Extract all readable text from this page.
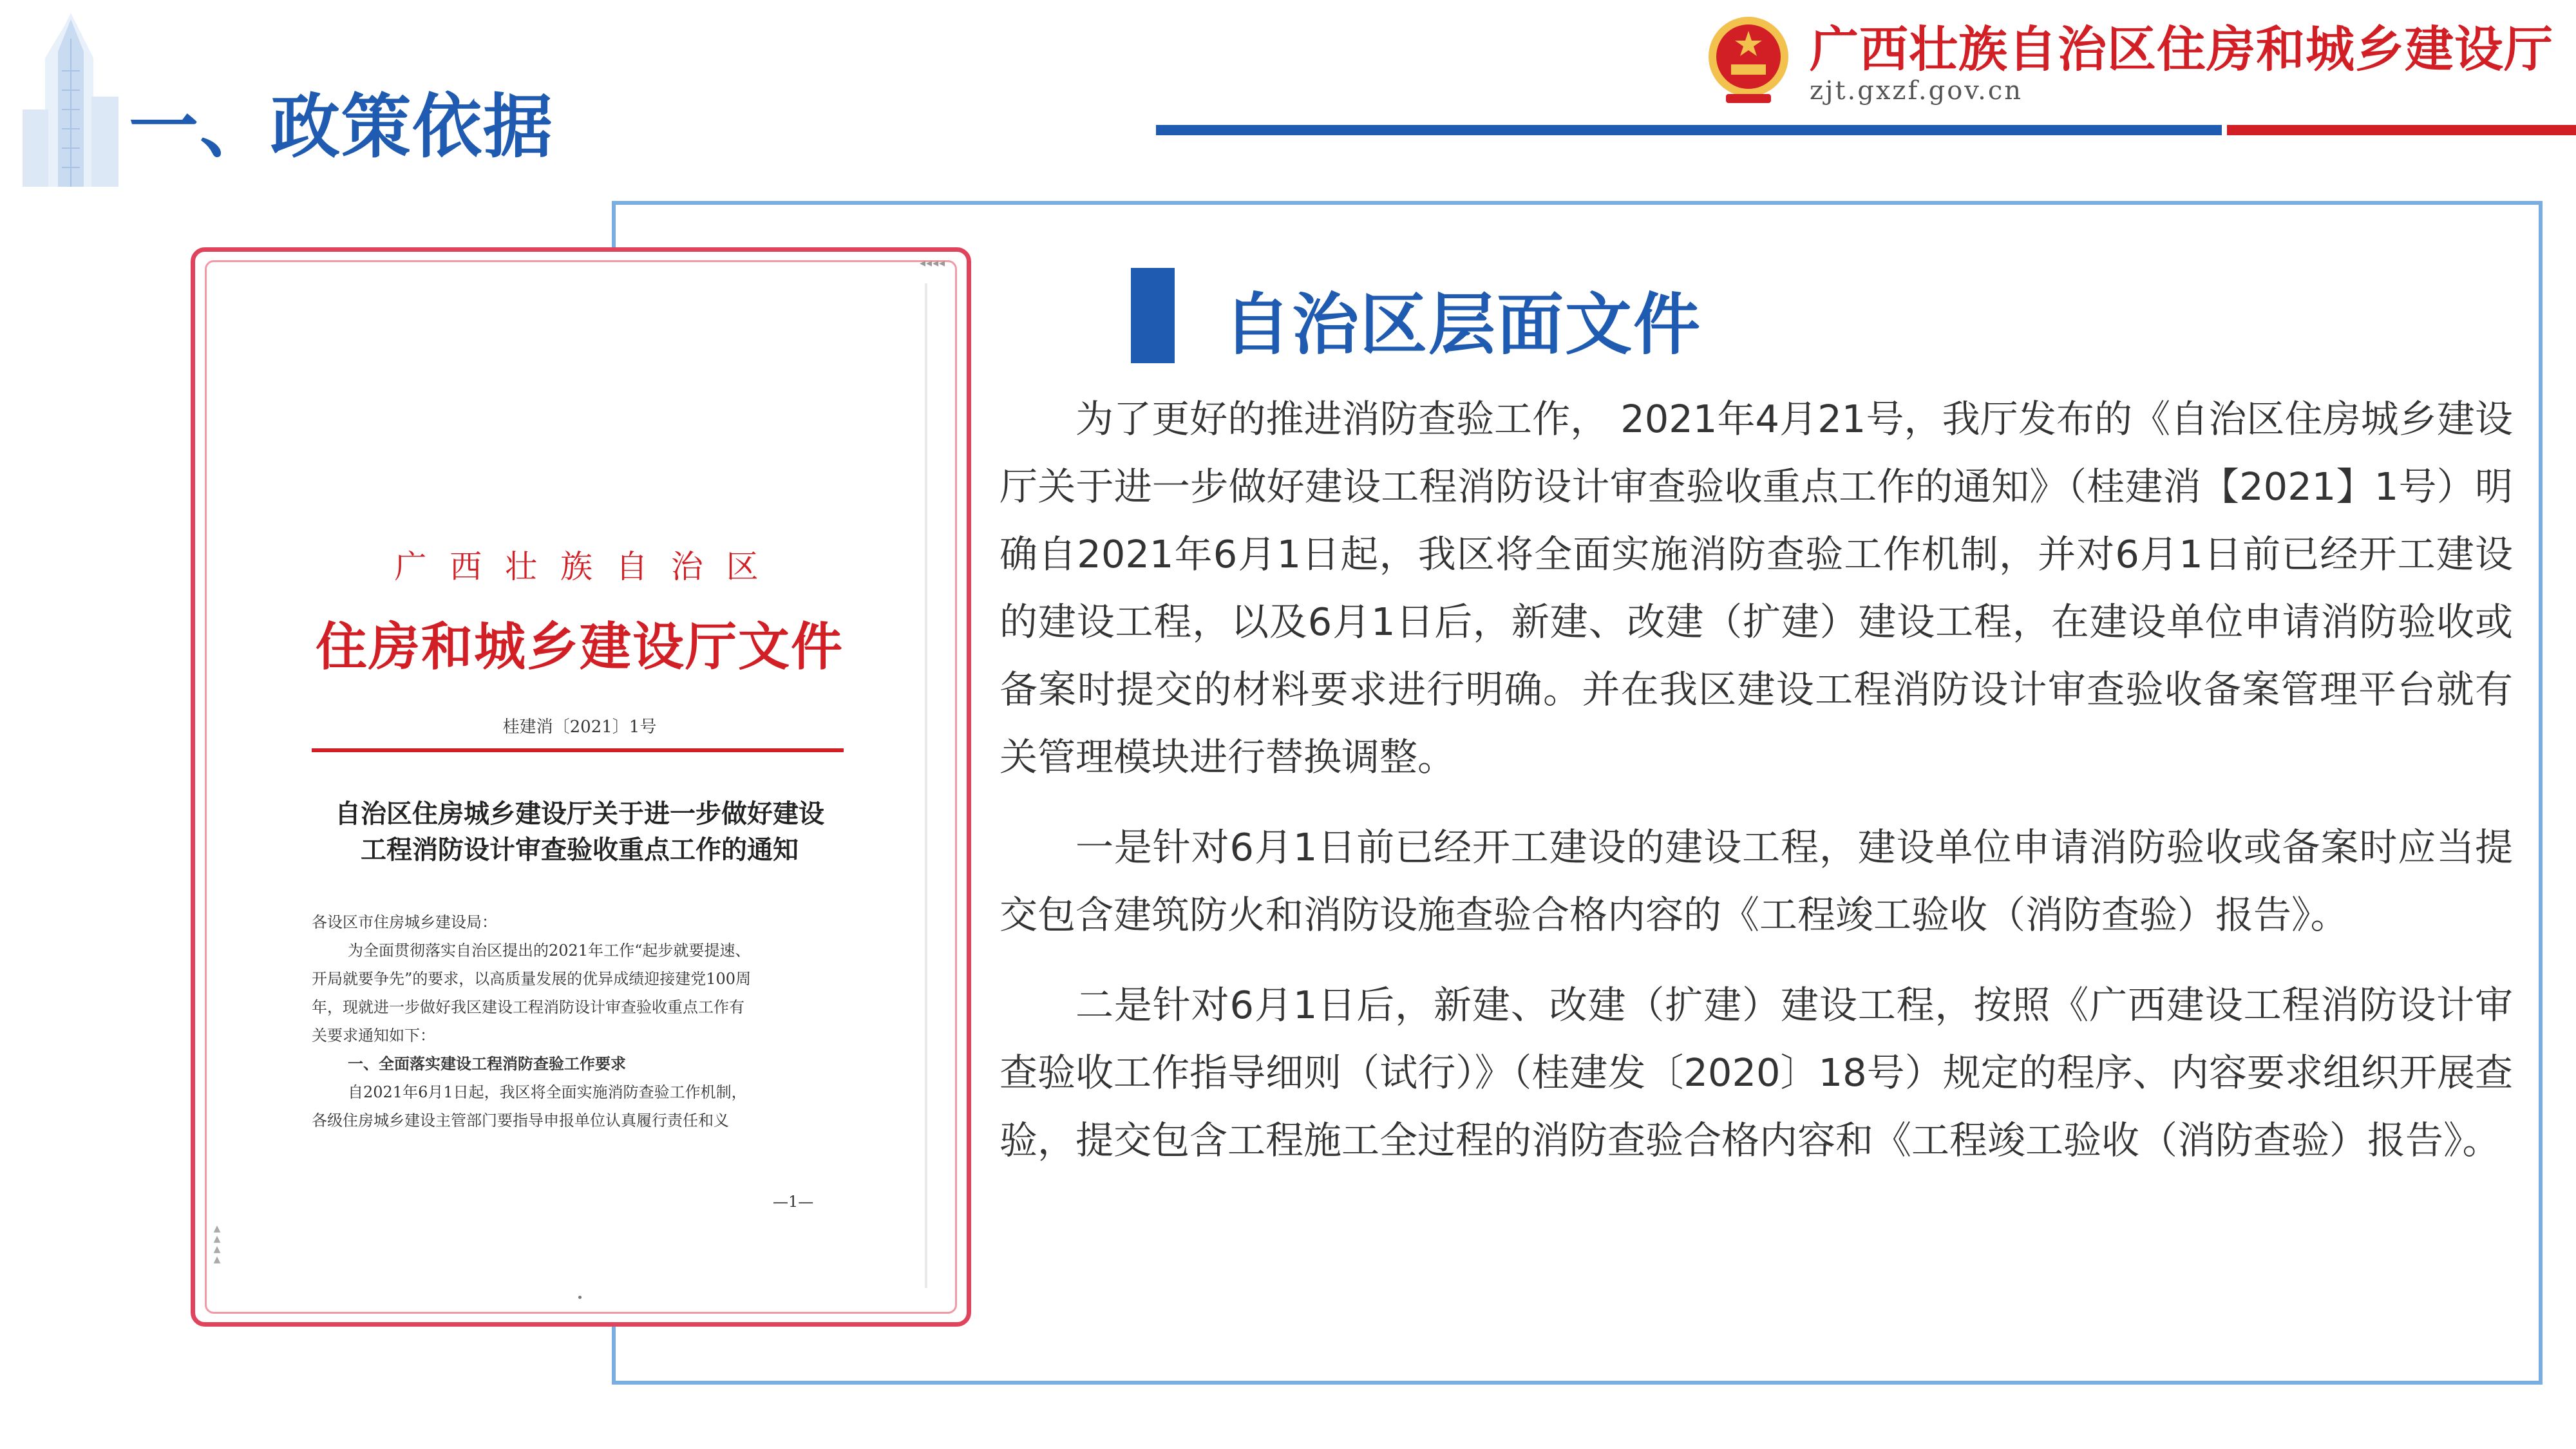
一、政策依据
广西壮族自治区住房和城乡建设厅
zjt.gxzf.gov.cn
◂◂◂◂
▲
▲
▲
▲
广 西 壮 族 自 治 区
住房和城乡建设厅文件
桂建消〔2021〕1号
自治区住房城乡建设厅关于进一步做好建设
工程消防设计审查验收重点工作的通知

各设区市住房城乡建设局：

为全面贯彻落实自治区提出的2021年工作“起步就要提速、

开局就要争先”的要求，以高质量发展的优异成绩迎接建党100周

年，现就进一步做好我区建设工程消防设计审查验收重点工作有

关要求通知如下：

一、全面落实建设工程消防查验工作要求

自2021年6月1日起，我区将全面实施消防查验工作机制，

各级住房城乡建设主管部门要指导申报单位认真履行责任和义

—1—
自治区层面文件

为了更好的推进消防查验工作， 2021年4月21号，我厅发布的《自治区住房城乡建设厅关于进一步做好建设工程消防设计审查验收重点工作的通知》（桂建消【2021】1号）明确自2021年6月1日起，我区将全面实施消防查验工作机制，并对6月1日前已经开工建设的建设工程，以及6月1日后，新建、改建（扩建）建设工程，在建设单位申请消防验收或备案时提交的材料要求进行明确。并在我区建设工程消防设计审查验收备案管理平台就有关管理模块进行替换调整。

一是针对6月1日前已经开工建设的建设工程，建设单位申请消防验收或备案时应当提交包含建筑防火和消防设施查验合格内容的《工程竣工验收（消防查验）报告》。

二是针对6月1日后，新建、改建（扩建）建设工程，按照《广西建设工程消防设计审查验收工作指导细则（试行）》（桂建发〔2020〕18号）规定的程序、内容要求组织开展查验，提交包含工程施工全过程的消防查验合格内容和《工程竣工验收（消防查验）报告》。
